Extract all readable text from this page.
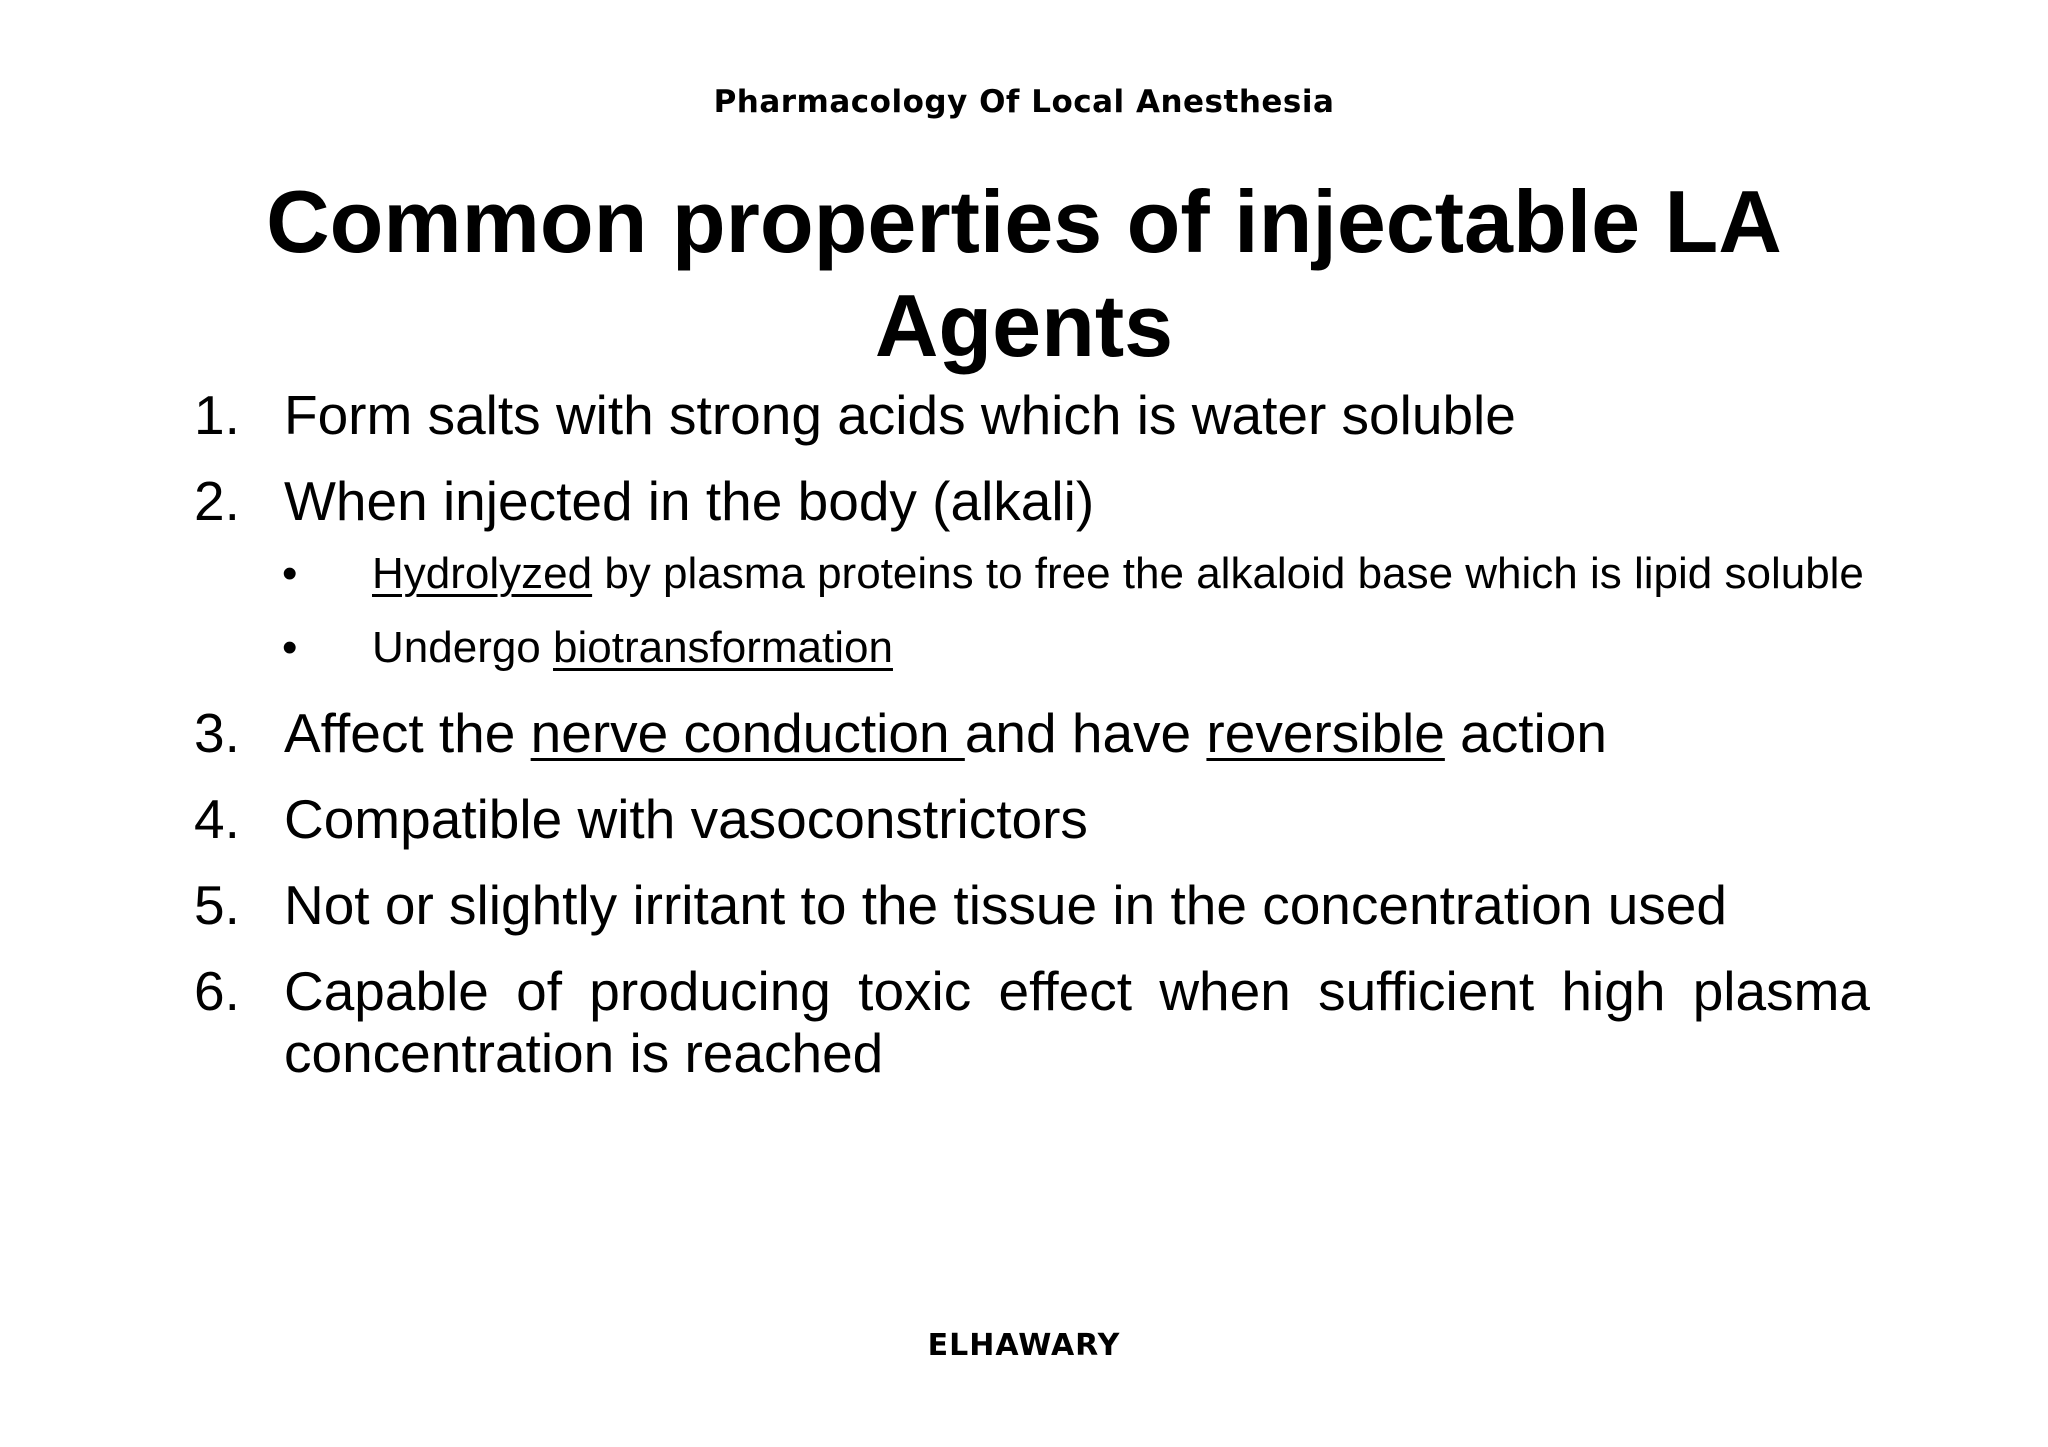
Pharmacology Of Local Anesthesia
Common properties of injectable LA Agents
1. Form salts with strong acids which is water soluble
2. When injected in the body (alkali)
• Hydrolyzed by plasma proteins to free the alkaloid base which is lipid soluble
• Undergo biotransformation
3. Affect the nerve conduction and have reversible action
4. Compatible with vasoconstrictors
5. Not or slightly irritant to the tissue in the concentration used
6. Capable of producing toxic effect when sufficient high plasma concentration is reached
ELHAWARY
